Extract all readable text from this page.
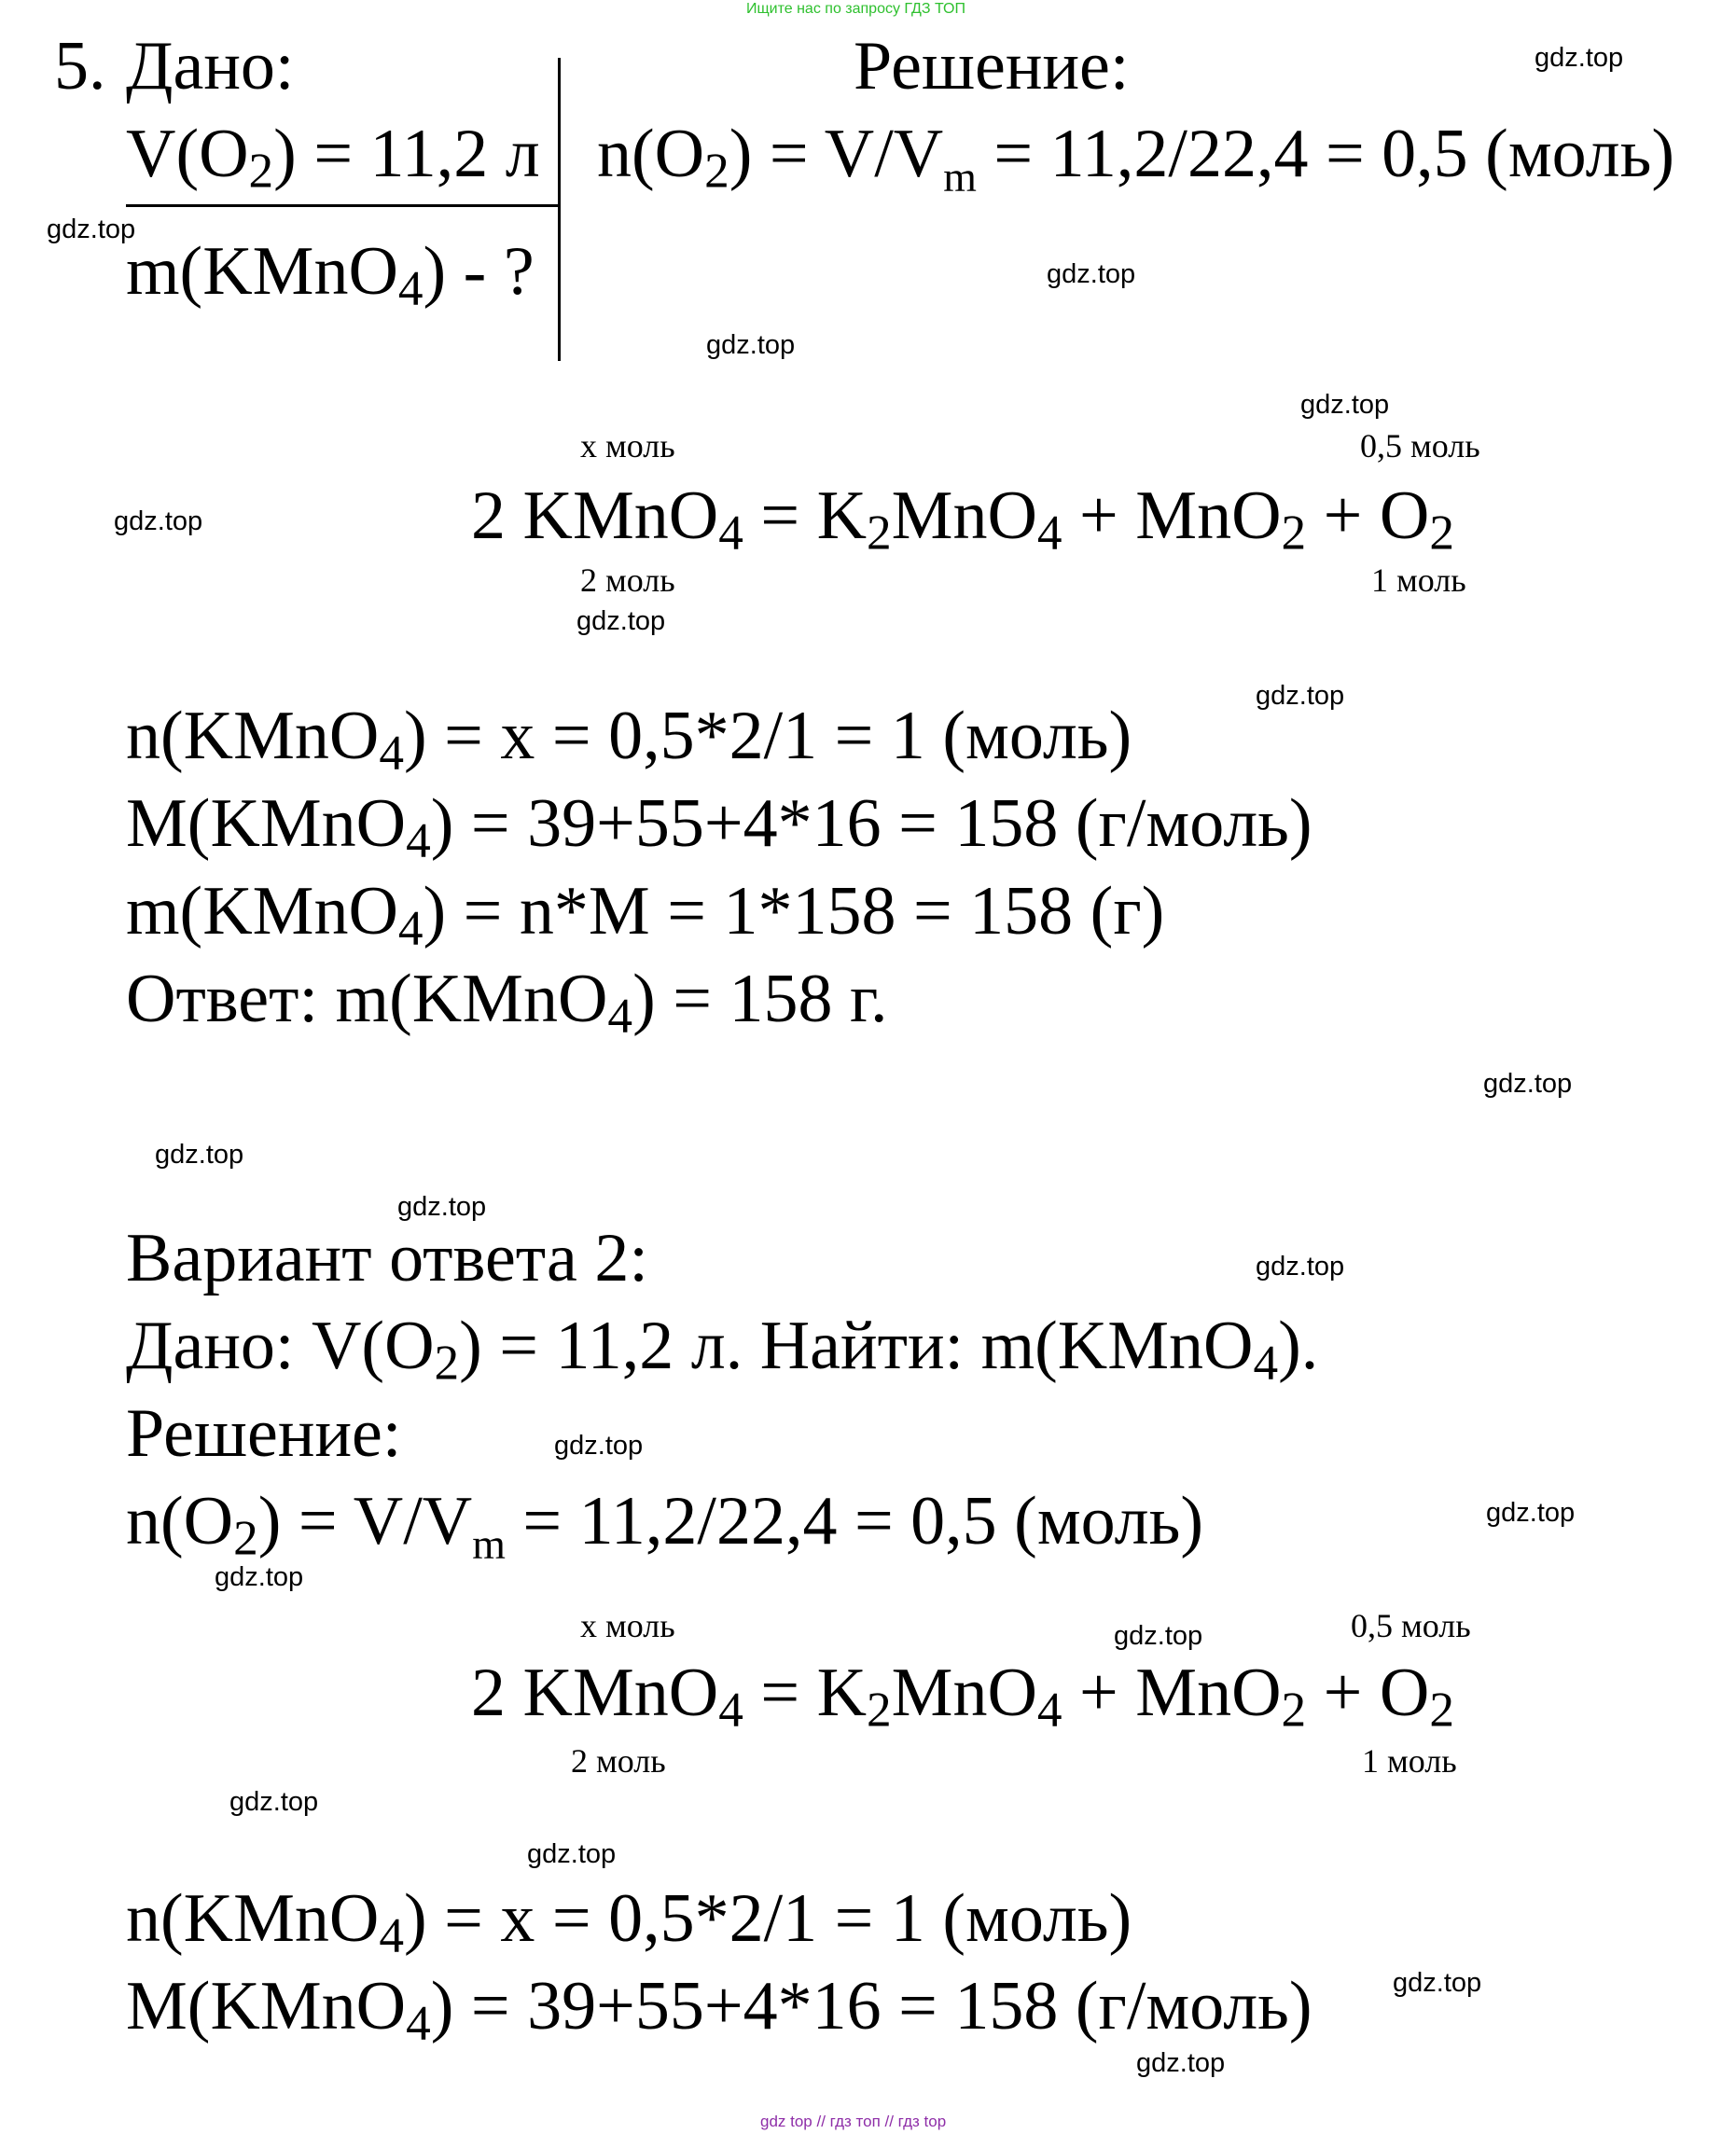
Ищите нас по запросу ГДЗ ТОП
5. Дано:	Решение:
$V(O_2) = 11,2$ л
m(KMnO$_4$) - ?
$n(O_2) = V/V_m = 11,2/22,4 = 0,5$ (моль)
х моль	0,5 моль
2 KMnO$_4$ = $K_2MnO_4 + MnO_2 + O_2$
2 моль	1 моль
n(KMnO$_4$) = x = 0,5*2/1 = 1 (моль)
M(KMnO$_4$) = 39+55+4*16 = 158 (г/моль)
m(KMnO$_4$) = n*M = 1*158 = 158 (г)
Ответ: m(KMnO$_4$) = 158 г.
Вариант ответа 2:
Дано: $V(O_2) = 11,2$ л. Найти: m(KMnO$_4$).
Решение:
$n(O_2) = V/V_m = 11,2/22,4 = 0,5$ (моль)
х моль	0,5 моль
2 KMnO$_4$ = $K_2MnO_4 + MnO_2 + O_2$
2 моль	1 моль
n(KMnO$_4$) = x = 0,5*2/1 = 1 (моль)
M(KMnO$_4$) = 39+55+4*16 = 158 (г/моль)
gdz.top
gdz.top
gdz.top
gdz.top
gdz.top
gdz.top
gdz.top
gdz.top
gdz.top
gdz.top
gdz.top
gdz.top
gdz.top
gdz.top
gdz.top
gdz.top
gdz.top
gdz.top
gdz.top
gdz.top
gdz top // гдз топ // гдз top
